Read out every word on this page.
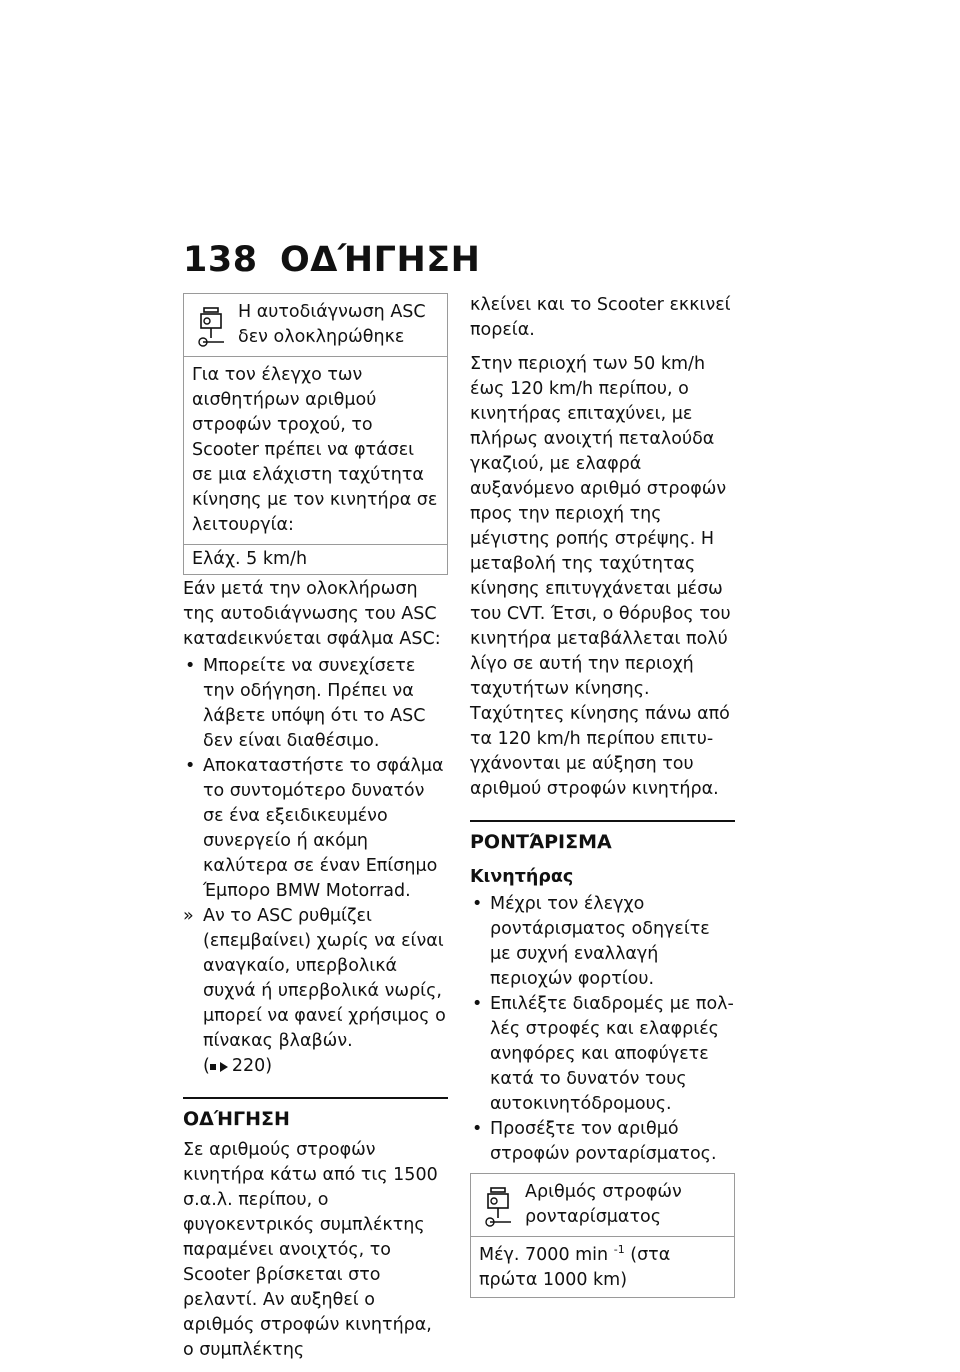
138 ΟΔΉΓΗΣΗ
Η αυτοδιάγνωση ASC δεν ολοκληρώθηκε
Για τον έλεγχο των αισθητήρων αριθμού στροφών τροχού, το Scooter πρέπει να φτάσει σε μια ελάχιστη ταχύτητα κίνησης με τον κινητήρα σε λειτουργία:
Ελάχ. 5 km/h

Εάν μετά την ολοκλήρωση της αυτοδιάγνωσης του ASC καταdεικνύεται σφάλμα ASC:

• Μπορείτε να συνεχίσετε την οδήγηση. Πρέπει να λάβετε υπόψη ότι το ASC δεν είναι διαθέσιμο.
• Αποκαταστήστε το σφάλμα το συντομότερο δυνατόν σε ένα εξειδικευμένο συνεργείο ή ακόμη καλύτερα σε έναν Επίσημο Έμπορο BMW Motorrad.
» Αν το ASC ρυθμίζει (επεμβαίνει) χωρίς να είναι αναγκαίο, υπερβολικά συχνά ή υπερβολικά νωρίς, μπορεί να φανεί χρήσιμος ο πίνακας βλαβών.
( 220 )
ΟΔΉΓΗΣΗ

Σε αριθμούς στροφών κινητήρα κάτω από τις 1500 σ.α.λ. περίπου, ο φυγοκεντρικός συμπλέκτης παραμένει ανοιχτός, το Scooter βρίσκεται στο ρελαντί. Αν αυξηθεί ο αριθμός στροφών κινητήρα, ο συμπλέκτης

κλείνει και το Scooter εκκινεί πορεία.

Στην περιοχή των 50 km/h έως 120 km/h περίπου, ο κινητήρας επιταχύνει, με πλήρως ανοιχτή πεταλούδα γκαζιού, με ελαφρά αυξανόμενο αριθμό στροφών προς την περιοχή της μέγιστης ροπής στρέψης. Η μεταβολή της ταχύτητας κίνησης επιτυγχάνεται μέσω του CVT. Έτσι, ο θόρυβος του κινητήρα μεταβάλλεται πολύ λίγο σε αυτή την περιοχή ταχυτήτων κίνησης.

Ταχύτητες κίνησης πάνω από τα 120 km/h περίπου επιτυγχάνονται με αύξηση του αριθμού στροφών κινητήρα.

ΡΟΝΤΆΡΙΣΜΑ
Κινητήρας
• Μέχρι τον έλεγχο ροντάρισματος οδηγείτε με συχνή εναλλαγή περιοχών φορτίου.
• Επιλέξτε διαδρομές με πολλές στροφές και ελαφριές ανηφόρες και αποφύγετε κατά το δυνατόν τους αυτοκινητόδρομους.
• Προσέξτε τον αριθμό στροφών ρονταρίσματος.
Αριθμός στροφών ρονταρίσματος
Μέγ. 7000 min $^{-1}$ (στα πρώτα 1000 km)
